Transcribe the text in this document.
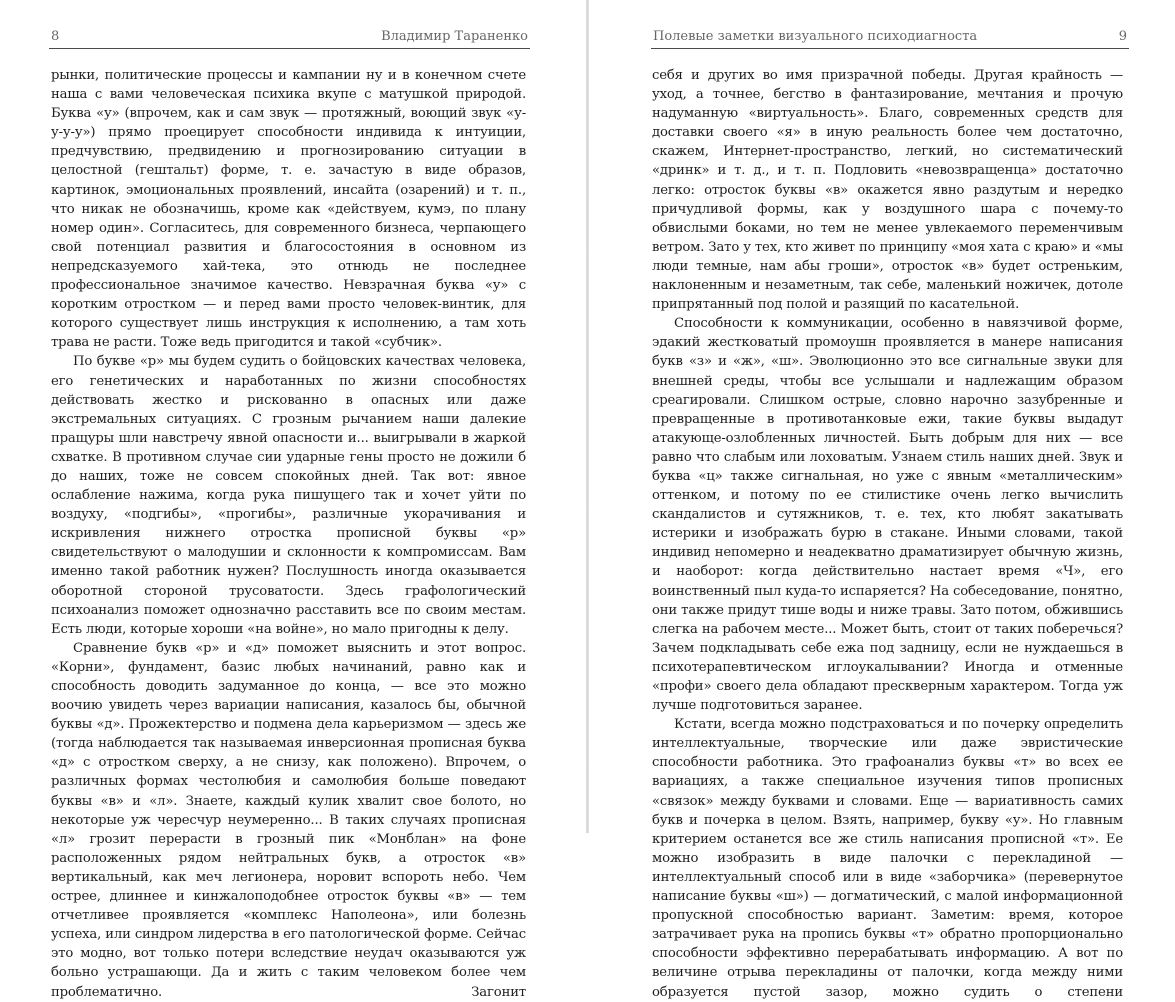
8	Владимир Тараненко

рынки, политические процессы и кампании ну и в конечном счете наша с вами человеческая психика вкупе с матушкой природой. Буква «у» (впрочем, как и сам звук — протяжный, воющий звук «у-у-у-у») прямо проецирует способности индивида к интуиции, предчувствию, предвидению и прогнозированию ситуации в целостной (гештальт) форме, т. е. зачастую в виде образов, картинок, эмоциональных проявлений, инсайта (озарений) и т. п., что никак не обозначишь, кроме как «действуем, кумэ, по плану номер один». Согласитесь, для современного бизнеса, черпающего свой потенциал развития и благосостояния в основном из непредсказуемого хай-тека, это отнюдь не последнее профессиональное значимое качество. Невзрачная буква «у» с коротким отростком — и перед вами просто человек-винтик, для которого существует лишь инструкция к исполнению, а там хоть трава не расти. Тоже ведь пригодится и такой «субчик».

По букве «р» мы будем судить о бойцовских качествах человека, его генетических и наработанных по жизни способностях действовать жестко и рискованно в опасных или даже экстремальных ситуациях. С грозным рычанием наши далекие пращуры шли навстречу явной опасности и... выигрывали в жаркой схватке. В противном случае сии ударные гены просто не дожили б до наших, тоже не совсем спокойных дней. Так вот: явное ослабление нажима, когда рука пишущего так и хочет уйти по воздуху, «подгибы», «прогибы», различные укорачивания и искривления нижнего отростка прописной буквы «р» свидетельствуют о малодушии и склонности к компромиссам. Вам именно такой работник нужен? Послушность иногда оказывается оборотной стороной трусоватости. Здесь графологический психоанализ поможет однозначно расставить все по своим местам. Есть люди, которые хороши «на войне», но мало пригодны к делу.

Сравнение букв «р» и «д» поможет выяснить и этот вопрос. «Корни», фундамент, базис любых начинаний, равно как и способность доводить задуманное до конца, — все это можно воочию увидеть через вариации написания, казалось бы, обычной буквы «д». Прожектерство и подмена дела карьеризмом — здесь же (тогда наблюдается так называемая инверсионная прописная буква «д» с отростком сверху, а не снизу, как положено). Впрочем, о различных формах честолюбия и самолюбия больше поведают буквы «в» и «л». Знаете, каждый кулик хвалит свое болото, но некоторые уж чересчур неумеренно... В таких случаях прописная «л» грозит перерасти в грозный пик «Монблан» на фоне расположенных рядом нейтральных букв, а отросток «в» вертикальный, как меч легионера, норовит вспороть небо. Чем острее, длиннее и кинжалоподобнее отросток буквы «в» — тем отчетливее проявляется «комплекс Наполеона», или болезнь успеха, или синдром лидерства в его патологической форме. Сейчас это модно, вот только потери вследствие неудач оказываются уж больно устрашающи. Да и жить с таким человеком более чем проблематично. Загонит

Полевые заметки визуального психодиагноста	9

себя и других во имя призрачной победы. Другая крайность — уход, а точнее, бегство в фантазирование, мечтания и прочую надуманную «виртуальность». Благо, современных средств для доставки своего «я» в иную реальность более чем достаточно, скажем, Интернет-пространство, легкий, но систематический «дринк» и т. д., и т. п. Подловить «невозвращенца» достаточно легко: отросток буквы «в» окажется явно раздутым и нередко причудливой формы, как у воздушного шара с почему-то обвислыми боками, но тем не менее увлекаемого переменчивым ветром. Зато у тех, кто живет по принципу «моя хата с краю» и «мы люди темные, нам абы гроши», отросток «в» будет остреньким, наклоненным и незаметным, так себе, маленький ножичек, дотоле припрятанный под полой и разящий по касательной.

Способности к коммуникации, особенно в навязчивой форме, эдакий жестковатый промоушн проявляется в манере написания букв «з» и «ж», «ш». Эволюционно это все сигнальные звуки для внешней среды, чтобы все услышали и надлежащим образом среагировали. Слишком острые, словно нарочно зазубренные и превращенные в противотанковые ежи, такие буквы выдадут атакующе-озлобленных личностей. Быть добрым для них — все равно что слабым или лоховатым. Узнаем стиль наших дней. Звук и буква «ц» также сигнальная, но уже с явным «металлическим» оттенком, и потому по ее стилистике очень легко вычислить скандалистов и сутяжников, т. е. тех, кто любят закатывать истерики и изображать бурю в стакане. Иными словами, такой индивид непомерно и неадекватно драматизирует обычную жизнь, и наоборот: когда действительно настает время «Ч», его воинственный пыл куда-то испаряется? На собеседование, понятно, они также придут тише воды и ниже травы. Зато потом, обжившись слегка на рабочем месте... Может быть, стоит от таких поберечься? Зачем подкладывать себе ежа под задницу, если не нуждаешься в психотерапевтическом иглоукалывании? Иногда и отменные «профи» своего дела обладают прескверным характером. Тогда уж лучше подготовиться заранее.

Кстати, всегда можно подстраховаться и по почерку определить интеллектуальные, творческие или даже эвристические способности работника. Это графоанализ буквы «т» во всех ее вариациях, а также специальное изучения типов прописных «связок» между буквами и словами. Еще — вариативность самих букв и почерка в целом. Взять, например, букву «у». Но главным критерием останется все же стиль написания прописной «т». Ее можно изобразить в виде палочки с перекладиной — интеллектуальный способ или в виде «заборчика» (перевернутое написание буквы «ш») — догматический, с малой информационной пропускной способностью вариант. Заметим: время, которое затрачивает рука на пропись буквы «т» обратно пропорционально способности эффективно перерабатывать информацию. А вот по величине отрыва перекладины от палочки, когда между ними образуется пустой зазор, можно судить о степени
